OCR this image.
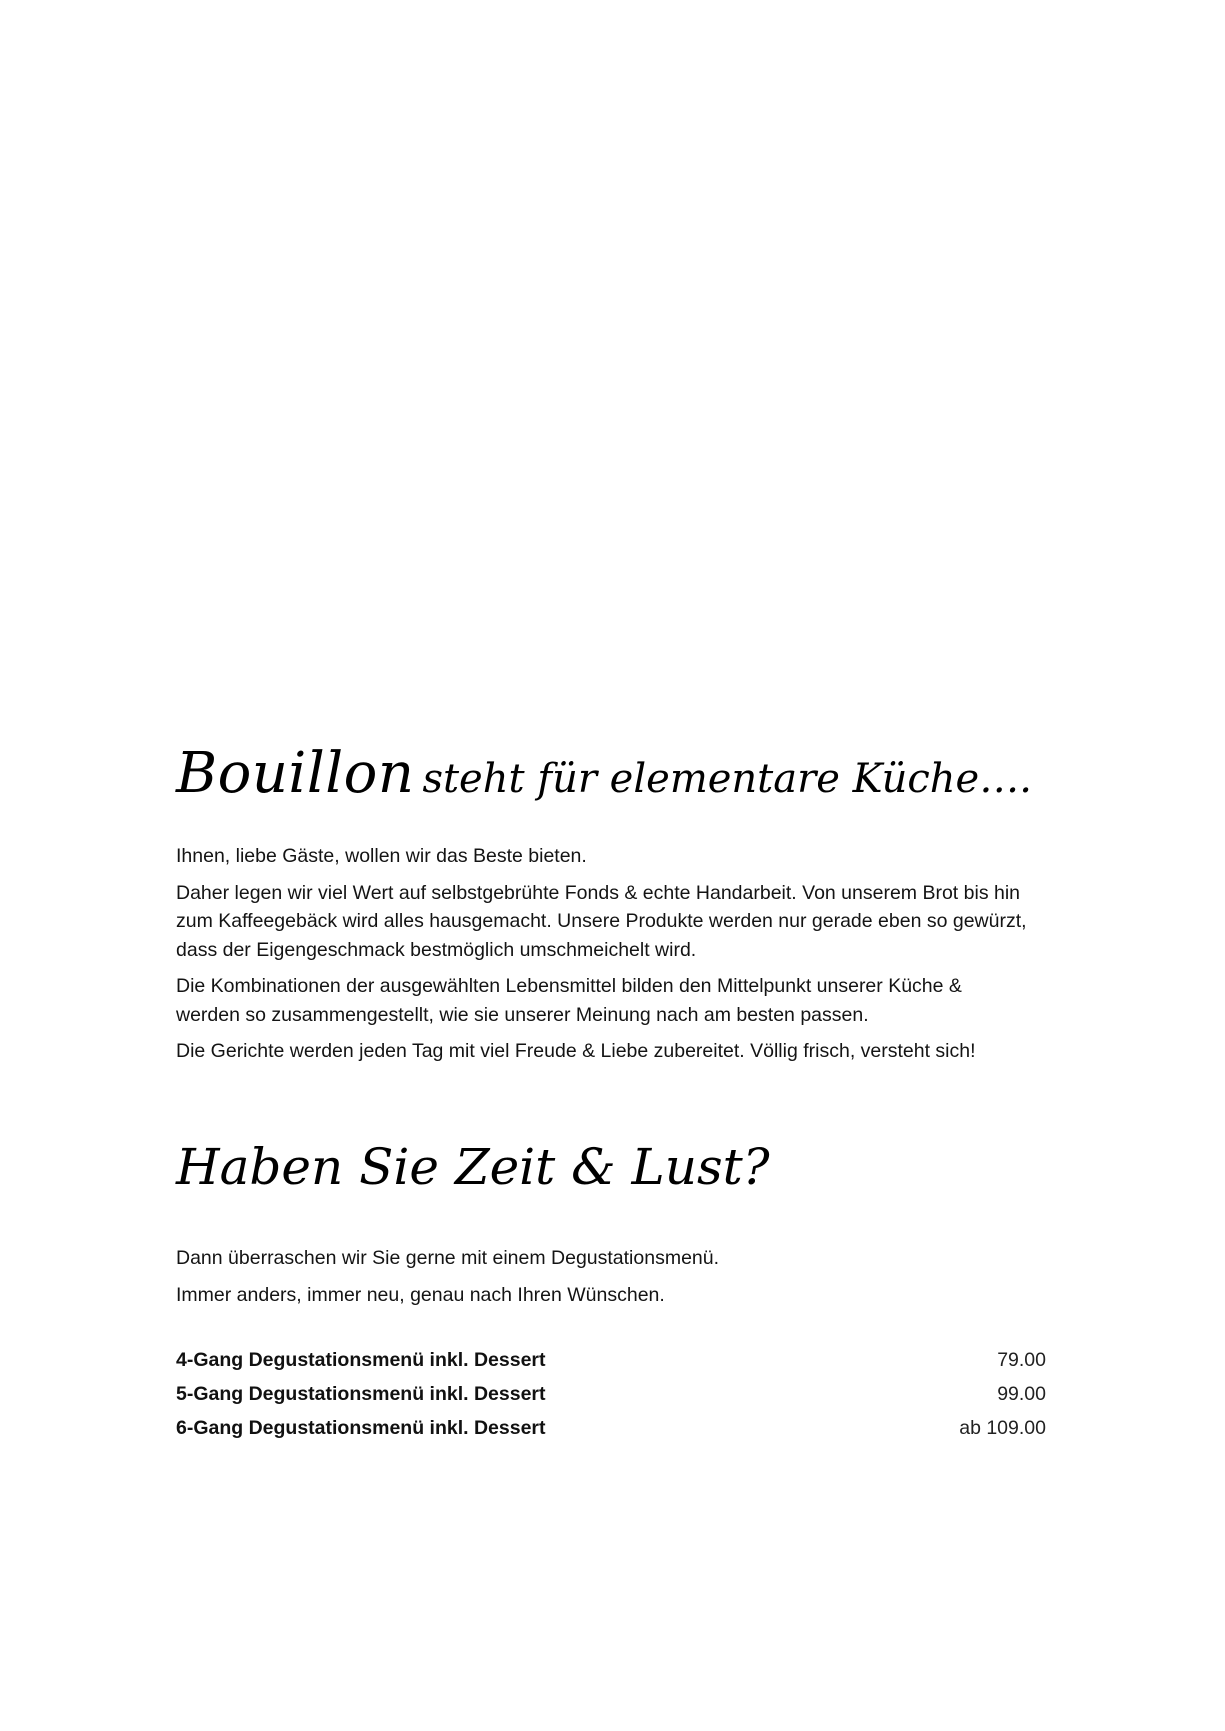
Bouillon steht für elementare Küche….

Ihnen, liebe Gäste, wollen wir das Beste bieten.

Daher legen wir viel Wert auf selbstgebrühte Fonds & echte Handarbeit. Von unserem Brot bis hin zum Kaffeegebäck wird alles hausgemacht. Unsere Produkte werden nur gerade eben so gewürzt, dass der Eigengeschmack bestmöglich umschmeichelt wird.

Die Kombinationen der ausgewählten Lebensmittel bilden den Mittelpunkt unserer Küche & werden so zusammengestellt, wie sie unserer Meinung nach am besten passen.

Die Gerichte werden jeden Tag mit viel Freude & Liebe zubereitet. Völlig frisch, versteht sich!

Haben Sie Zeit & Lust?

Dann überraschen wir Sie gerne mit einem Degustationsmenü.

Immer anders, immer neu, genau nach Ihren Wünschen.

4-Gang Degustationsmenü inkl. Dessert	79.00
5-Gang Degustationsmenü inkl. Dessert	99.00
6-Gang Degustationsmenü inkl. Dessert	ab 109.00
